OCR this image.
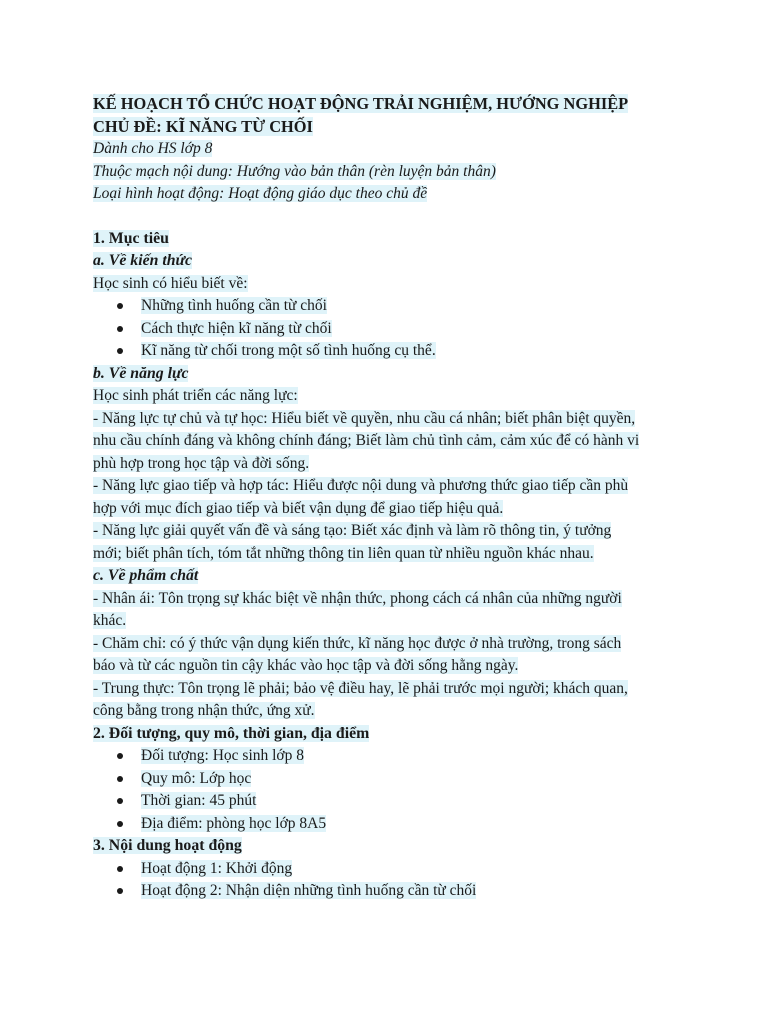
KẾ HOẠCH TỔ CHỨC HOẠT ĐỘNG TRẢI NGHIỆM, HƯỚNG NGHIỆP

CHỦ ĐỀ: KĨ NĂNG TỪ CHỐI

Dành cho HS lớp 8

Thuộc mạch nội dung: Hướng vào bản thân (rèn luyện bản thân)

Loại hình hoạt động: Hoạt động giáo dục theo chủ đề

1. Mục tiêu

a. Về kiến thức

Học sinh có hiểu biết về:

Những tình huống cần từ chối
Cách thực hiện kĩ năng từ chối
Kĩ năng từ chối trong một số tình huống cụ thể.

b. Về năng lực

Học sinh phát triển các năng lực:

- Năng lực tự chủ và tự học: Hiểu biết về quyền, nhu cầu cá nhân; biết phân biệt quyền,

nhu cầu chính đáng và không chính đáng; Biết làm chủ tình cảm, cảm xúc để có hành vi

phù hợp trong học tập và đời sống.

- Năng lực giao tiếp và hợp tác: Hiểu được nội dung và phương thức giao tiếp cần phù

hợp với mục đích giao tiếp và biết vận dụng để giao tiếp hiệu quả.

- Năng lực giải quyết vấn đề và sáng tạo: Biết xác định và làm rõ thông tin, ý tưởng

mới; biết phân tích, tóm tắt những thông tin liên quan từ nhiều nguồn khác nhau.

c. Về phẩm chất

- Nhân ái: Tôn trọng sự khác biệt về nhận thức, phong cách cá nhân của những người

khác.

- Chăm chỉ: có ý thức vận dụng kiến thức, kĩ năng học được ở nhà trường, trong sách

báo và từ các nguồn tin cậy khác vào học tập và đời sống hằng ngày.

- Trung thực: Tôn trọng lẽ phải; bảo vệ điều hay, lẽ phải trước mọi người; khách quan,

công bằng trong nhận thức, ứng xử.

2. Đối tượng, quy mô, thời gian, địa điểm

Đối tượng: Học sinh lớp 8
Quy mô: Lớp học
Thời gian: 45 phút
Địa điểm: phòng học lớp 8A5

3. Nội dung hoạt động

Hoạt động 1: Khởi động
Hoạt động 2: Nhận diện những tình huống cần từ chối
